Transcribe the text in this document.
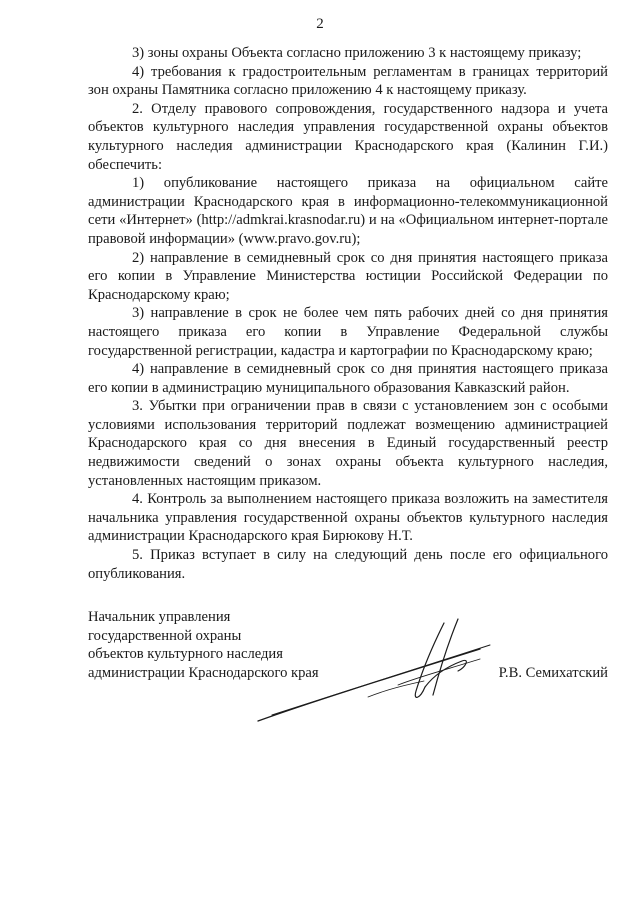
2

3) зоны охраны Объекта согласно приложению 3 к настоящему приказу;

4) требования к градостроительным регламентам в границах территорий зон охраны Памятника согласно приложению 4 к настоящему приказу.

2. Отделу правового сопровождения, государственного надзора и учета объектов культурного наследия управления государственной охраны объектов культурного наследия администрации Краснодарского края (Калинин Г.И.) обеспечить:

1) опубликование настоящего приказа на официальном сайте администрации Краснодарского края в информационно-телекоммуникационной сети «Интернет» (http://admkrai.krasnodar.ru) и на «Официальном интернет-портале правовой информации» (www.pravo.gov.ru);

2) направление в семидневный срок со дня принятия настоящего приказа его копии в Управление Министерства юстиции Российской Федерации по Краснодарскому краю;

3) направление в срок не более чем пять рабочих дней со дня принятия настоящего приказа его копии в Управление Федеральной службы государственной регистрации, кадастра и картографии по Краснодарскому краю;

4) направление в семидневный срок со дня принятия настоящего приказа его копии в администрацию муниципального образования Кавказский район.

3. Убытки при ограничении прав в связи с установлением зон с особыми условиями использования территорий подлежат возмещению администрацией Краснодарского края со дня внесения в Единый государственный реестр недвижимости сведений о зонах охраны объекта культурного наследия, установленных настоящим приказом.

4. Контроль за выполнением настоящего приказа возложить на заместителя начальника управления государственной охраны объектов культурного наследия администрации Краснодарского края Бирюкову Н.Т.

5. Приказ вступает в силу на следующий день после его официального опубликования.

Начальник управления
государственной охраны
объектов культурного наследия
администрации Краснодарского края	Р.В. Семихатский
